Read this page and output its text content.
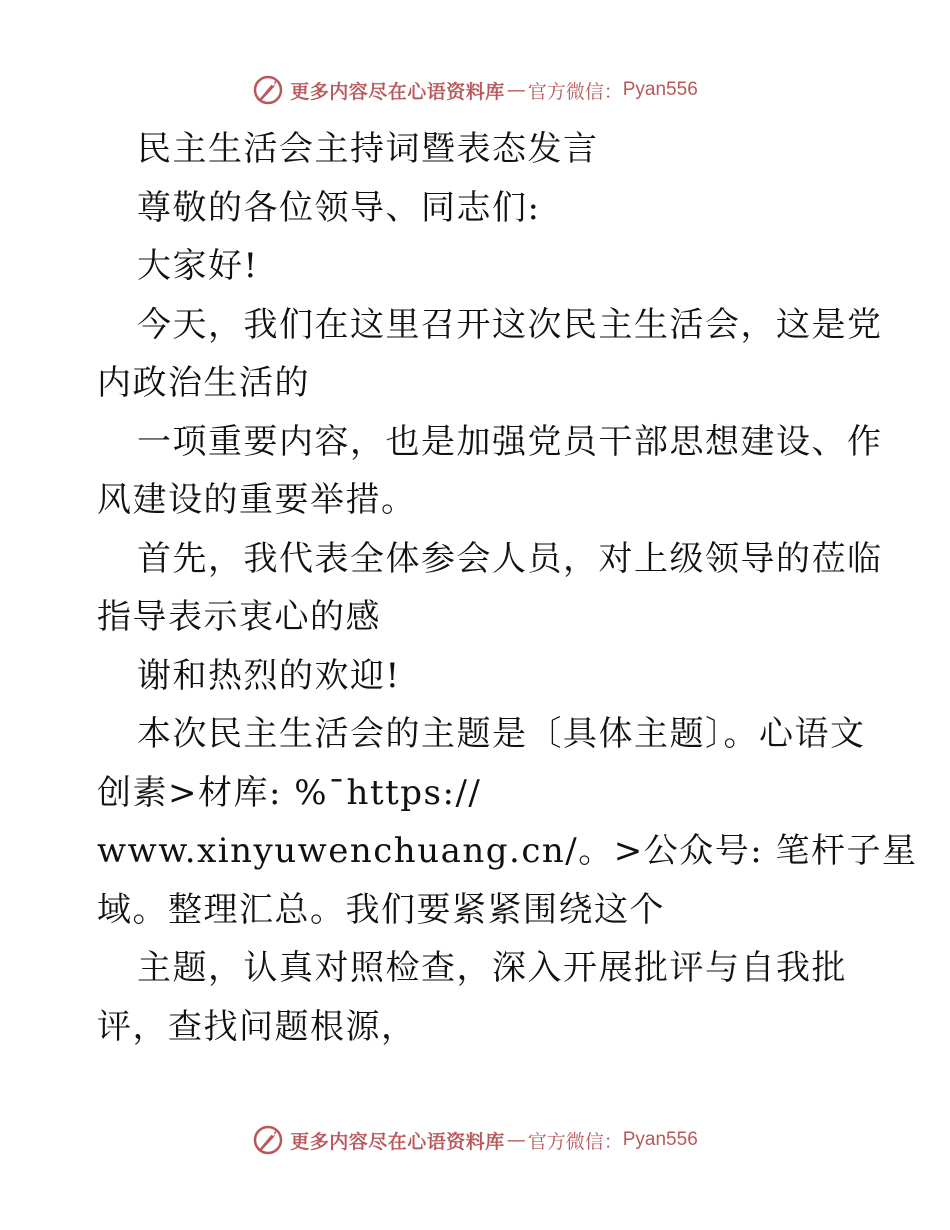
更多内容尽在心语资料库 — 官方微信： Pyan556
民主生活会主持词暨表态发言
尊敬的各位领导、同志们:
大家好!
今天，我们在这里召开这次民主生活会，这是党
内政治生活的
一项重要内容，也是加强党员干部思想建设、作
风建设的重要举措。
首先，我代表全体参会人员，对上级领导的莅临
指导表示衷心的感
谢和热烈的欢迎!
本次民主生活会的主题是〔具体主题〕。心语文
创素>材库: %¯https://
www.xinyuwenchuang.cn/。>公众号: 笔杆子星
域。整理汇总。我们要紧紧围绕这个
主题，认真对照检查，深入开展批评与自我批
评，查找问题根源，
更多内容尽在心语资料库 — 官方微信： Pyan556
